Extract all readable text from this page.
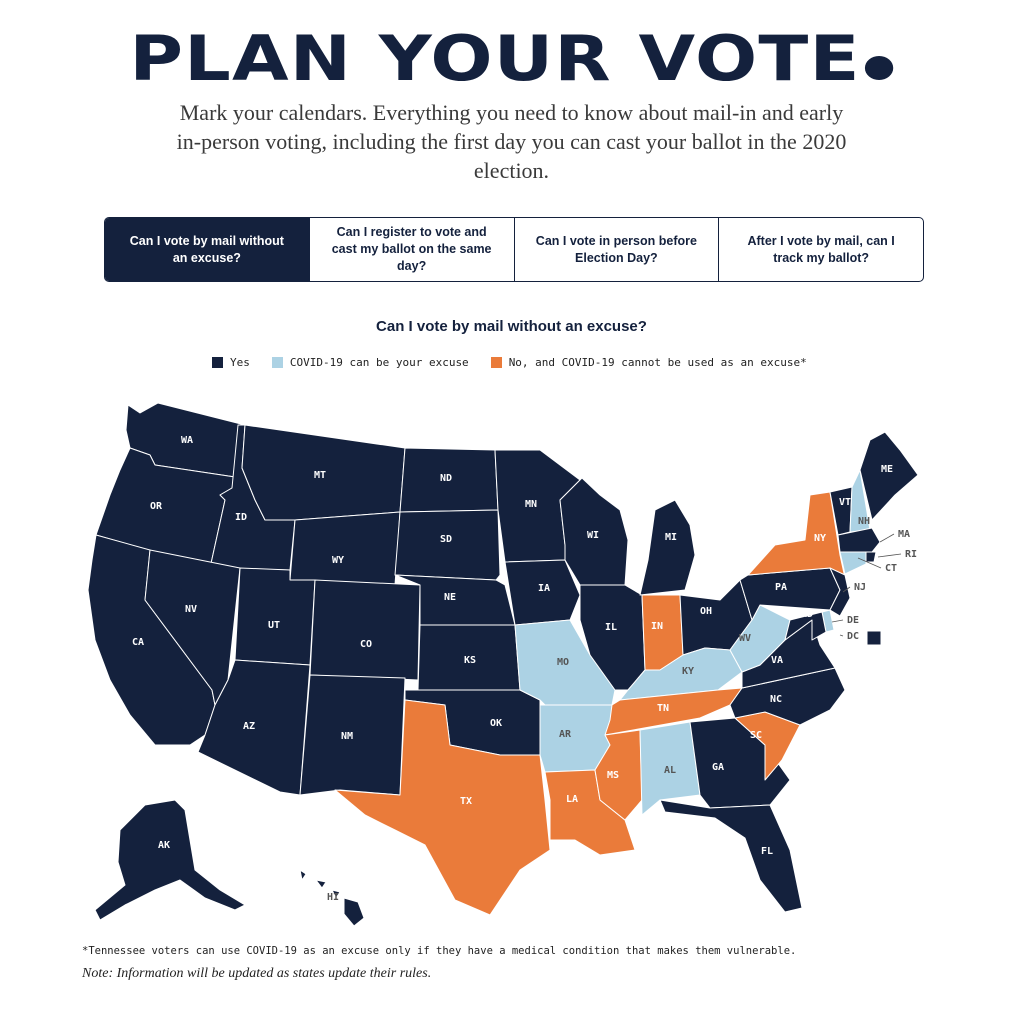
PLAN YOUR VOTE
Mark your calendars. Everything you need to know about mail-in and early in-person voting, including the first day you can cast your ballot in the 2020 election.
Can I vote by mail without an excuse?
Can I register to vote and cast my ballot on the same day?
Can I vote in person before Election Day?
After I vote by mail, can I track my ballot?
Can I vote by mail without an excuse?
Yes	COVID-19 can be your excuse	No, and COVID-19 cannot be used as an excuse*
WA
OR
CA
ID
NV
MT
WY
UT
AZ
CO
NM
ND
SD
NE
KS
OK
TX
MN
IA
MO
AR
LA
WI
IL
MI
IN
OH
KY
TN
MS	AL	GA
FL
SC
NC
VA
WV
PA
NY
VT
NH
ME
AK
HI
MA
RI
CT
NJ
DE
MD
DC
*Tennessee voters can use COVID-19 as an excuse only if they have a medical condition that makes them vulnerable.
Note: Information will be updated as states update their rules.
